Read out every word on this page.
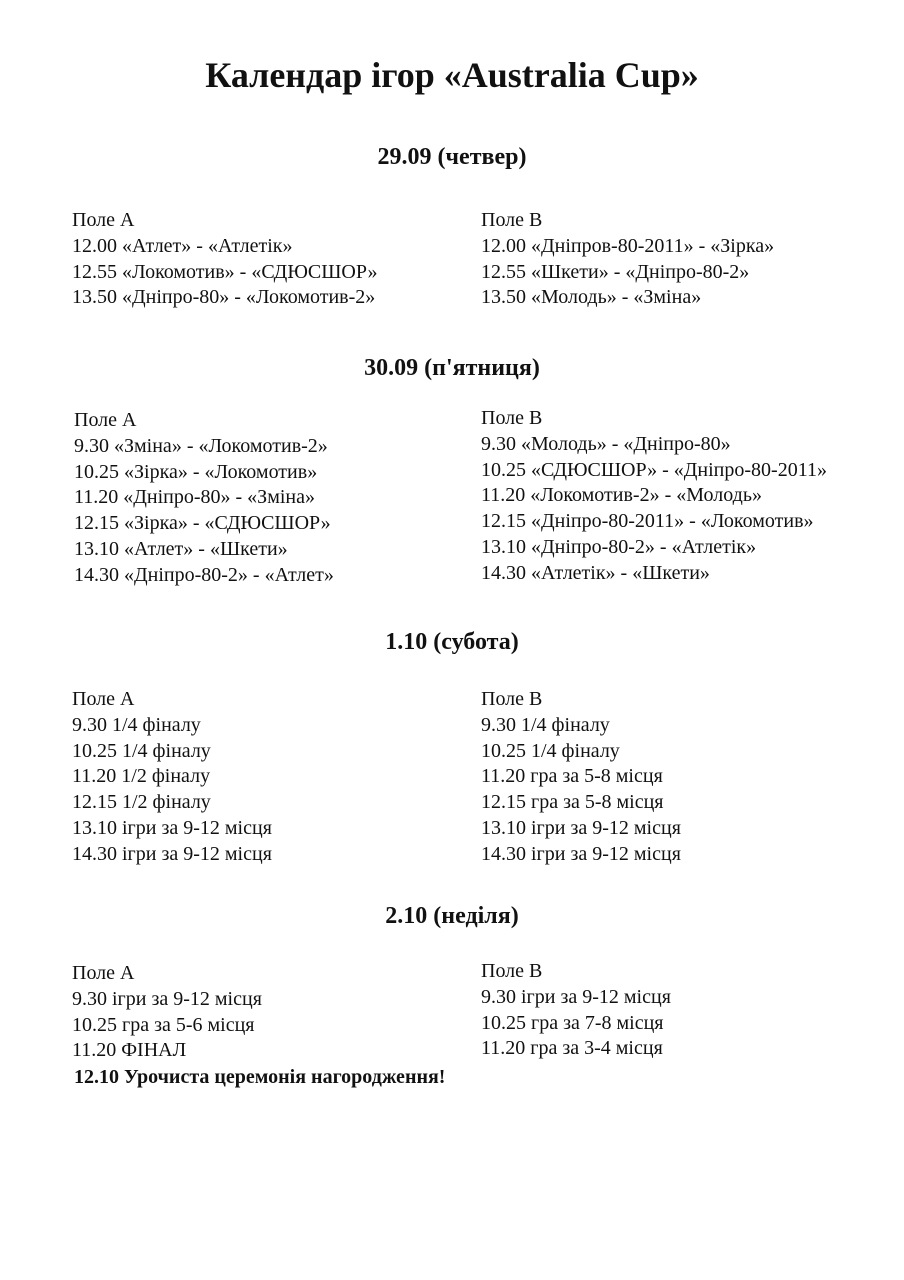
Календар ігор «Australia Cup»
29.09 (четвер)
Поле А
12.00 «Атлет» - «Атлетік»
12.55 «Локомотив» - «СДЮСШОР»
13.50 «Дніпро-80» - «Локомотив-2»
Поле В
12.00 «Дніпров-80-2011» - «Зірка»
12.55 «Шкети» - «Дніпро-80-2»
13.50 «Молодь» - «Зміна»
30.09 (п'ятниця)
Поле А
9.30 «Зміна» - «Локомотив-2»
10.25 «Зірка» - «Локомотив»
11.20 «Дніпро-80» - «Зміна»
12.15 «Зірка» - «СДЮСШОР»
13.10 «Атлет» - «Шкети»
14.30 «Дніпро-80-2» - «Атлет»
Поле В
9.30 «Молодь» - «Дніпро-80»
10.25 «СДЮСШОР» - «Дніпро-80-2011»
11.20 «Локомотив-2» - «Молодь»
12.15 «Дніпро-80-2011» - «Локомотив»
13.10 «Дніпро-80-2» - «Атлетік»
14.30 «Атлетік» - «Шкети»
1.10 (субота)
Поле А
9.30 1/4 фіналу
10.25 1/4 фіналу
11.20 1/2 фіналу
12.15 1/2 фіналу
13.10 ігри за 9-12 місця
14.30 ігри за 9-12 місця
Поле В
9.30 1/4 фіналу
10.25 1/4 фіналу
11.20 гра за 5-8 місця
12.15 гра за 5-8 місця
13.10 ігри за 9-12 місця
14.30 ігри за 9-12 місця
2.10 (неділя)
Поле А
9.30 ігри за 9-12 місця
10.25 гра за 5-6 місця
11.20 ФІНАЛ
Поле В
9.30 ігри за 9-12 місця
10.25 гра за 7-8 місця
11.20 гра за 3-4 місця
12.10 Урочиста церемонія нагородження!
